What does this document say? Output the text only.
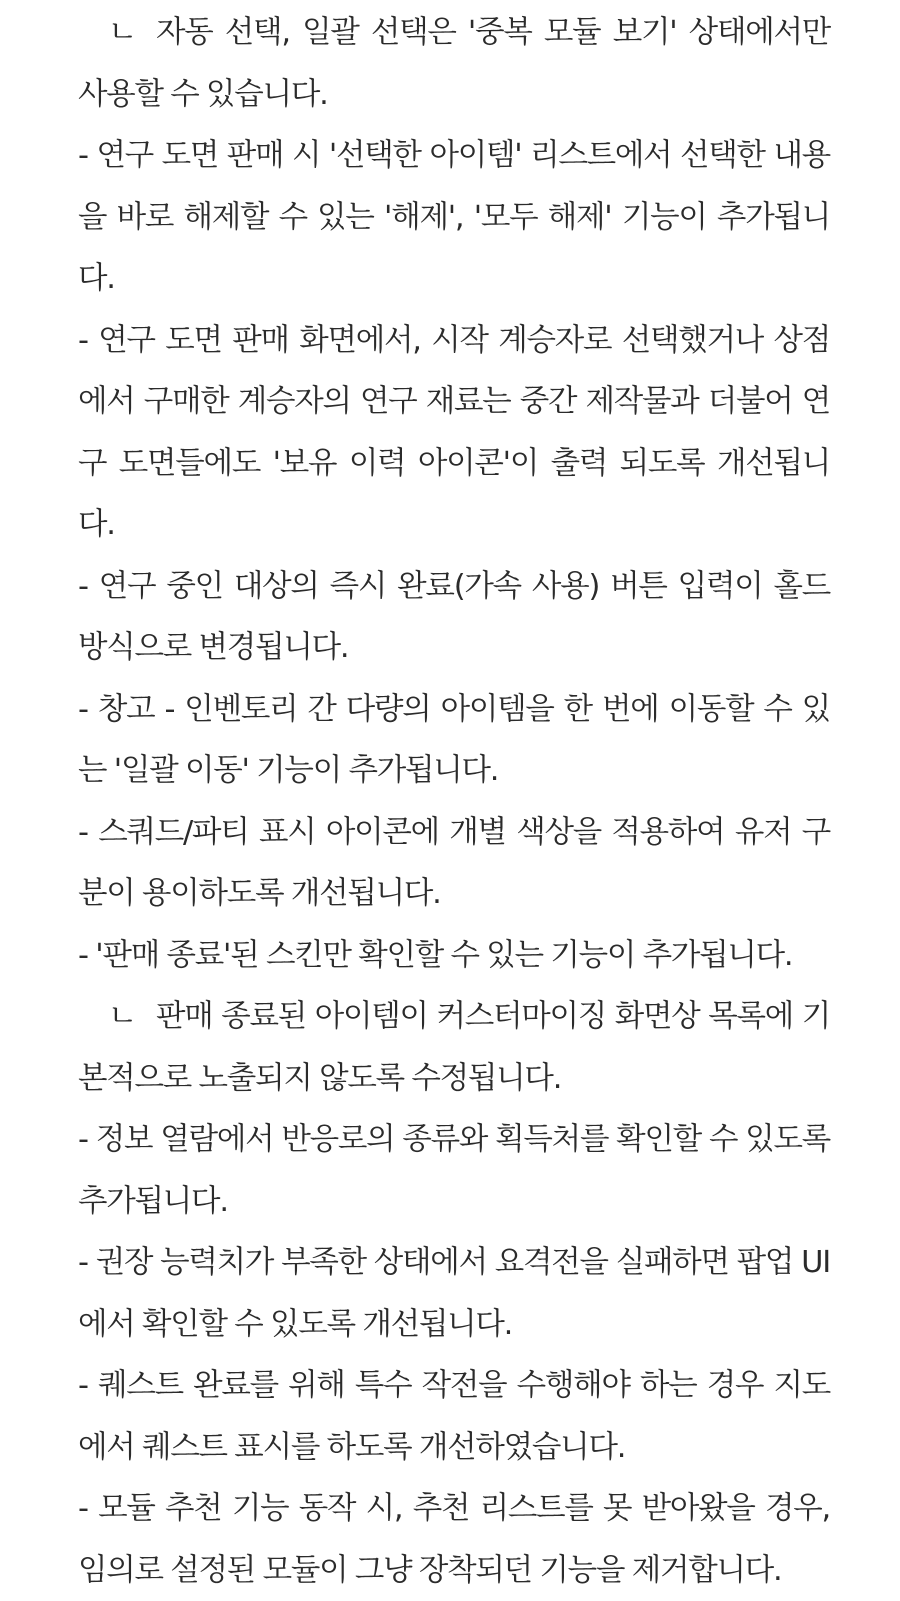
ㄴ 자동 선택, 일괄 선택은 '중복 모듈 보기' 상태에서만 사용할 수 있습니다.

- 연구 도면 판매 시 '선택한 아이템' 리스트에서 선택한 내용을 바로 해제할 수 있는 '해제', '모두 해제' 기능이 추가됩니다.

- 연구 도면 판매 화면에서, 시작 계승자로 선택했거나 상점에서 구매한 계승자의 연구 재료는 중간 제작물과 더불어 연구 도면들에도 '보유 이력 아이콘'이 출력 되도록 개선됩니다.

- 연구 중인 대상의 즉시 완료(가속 사용) 버튼 입력이 홀드 방식으로 변경됩니다.

- 창고 - 인벤토리 간 다량의 아이템을 한 번에 이동할 수 있는 '일괄 이동' 기능이 추가됩니다.

- 스쿼드/파티 표시 아이콘에 개별 색상을 적용하여 유저 구분이 용이하도록 개선됩니다.

- '판매 종료'된 스킨만 확인할 수 있는 기능이 추가됩니다.

ㄴ 판매 종료된 아이템이 커스터마이징 화면상 목록에 기본적으로 노출되지 않도록 수정됩니다.

- 정보 열람에서 반응로의 종류와 획득처를 확인할 수 있도록 추가됩니다.

- 권장 능력치가 부족한 상태에서 요격전을 실패하면 팝업 UI에서 확인할 수 있도록 개선됩니다.

- 퀘스트 완료를 위해 특수 작전을 수행해야 하는 경우 지도에서 퀘스트 표시를 하도록 개선하였습니다.

- 모듈 추천 기능 동작 시, 추천 리스트를 못 받아왔을 경우, 임의로 설정된 모듈이 그냥 장착되던 기능을 제거합니다.
